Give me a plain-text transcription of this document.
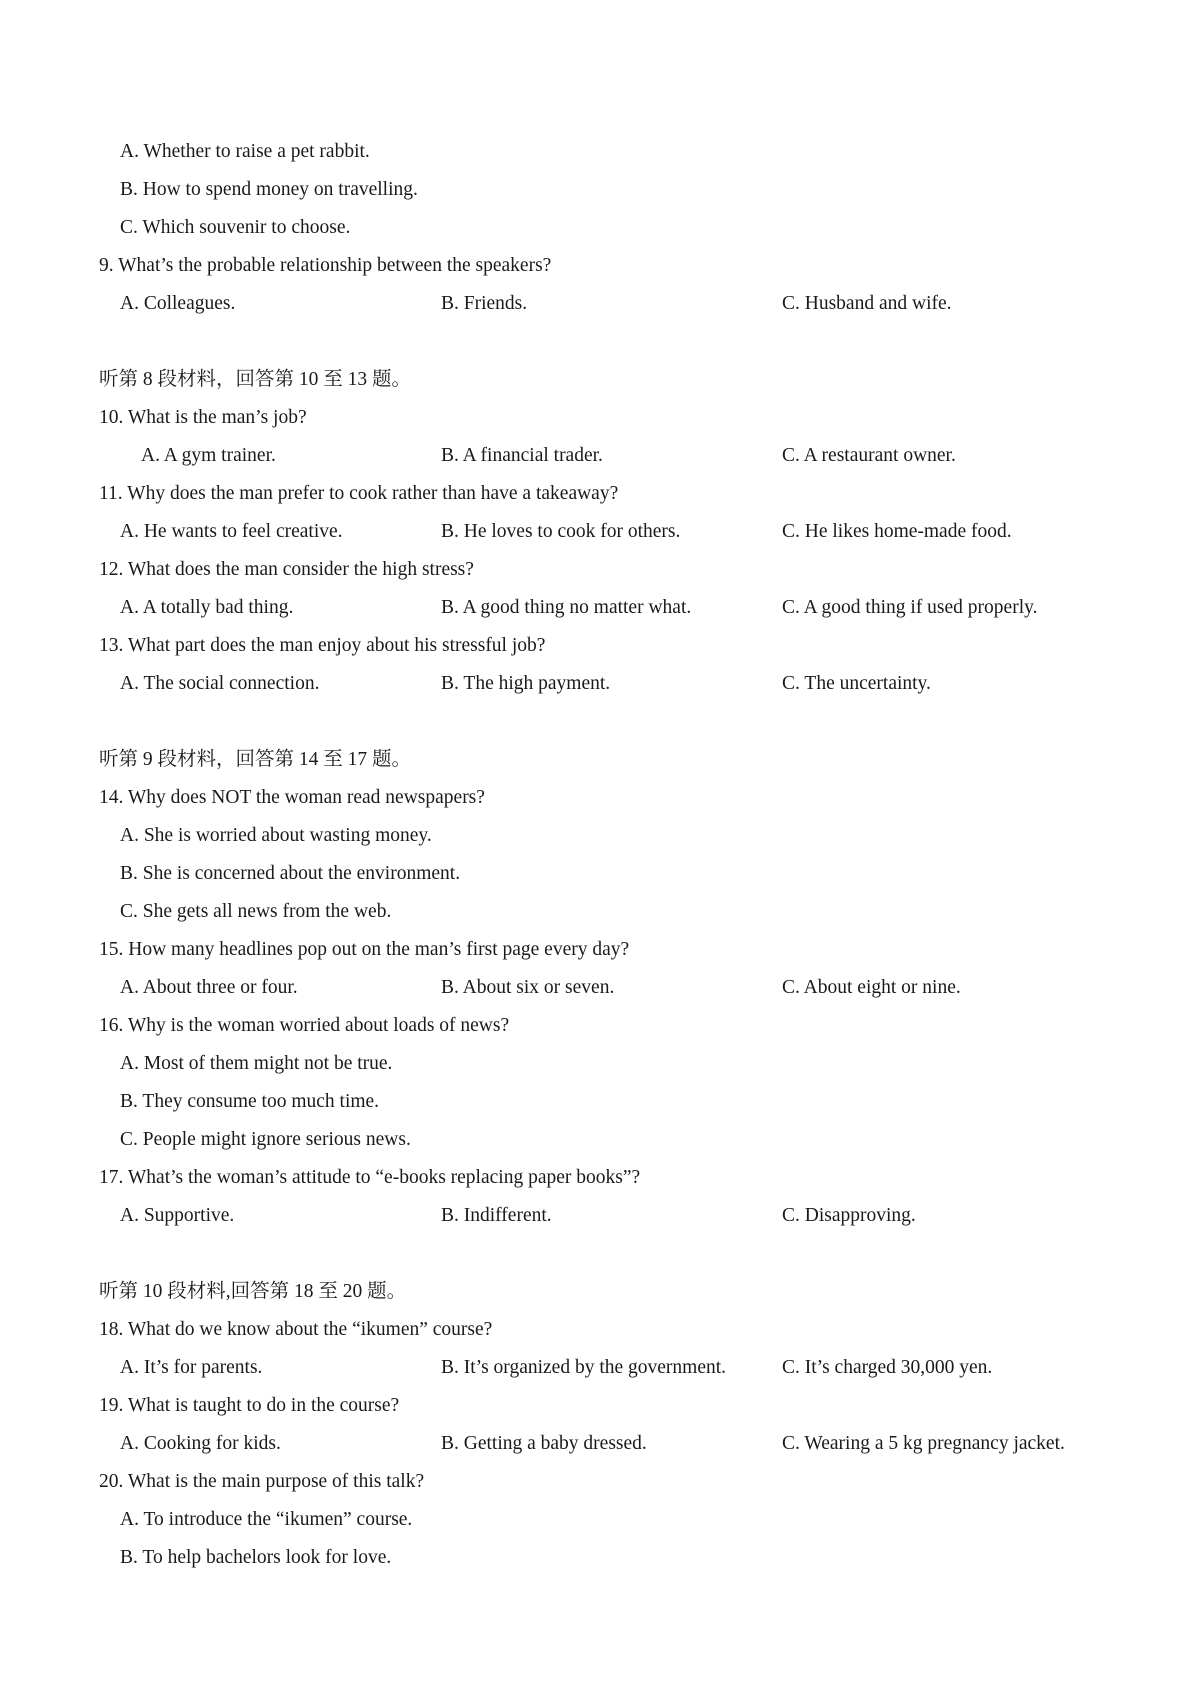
A. Whether to raise a pet rabbit.
B. How to spend money on travelling.
C. Which souvenir to choose.
9. What’s the probable relationship between the speakers?
A. Colleagues.	B. Friends.	C. Husband and wife.
听第 8 段材料，回答第 10 至 13 题。
10. What is the man’s job?
A. A gym trainer.	B. A financial trader.	C. A restaurant owner.
11. Why does the man prefer to cook rather than have a takeaway?
A. He wants to feel creative.	B. He loves to cook for others.	C. He likes home-made food.
12. What does the man consider the high stress?
A. A totally bad thing.	B. A good thing no matter what.	C. A good thing if used properly.
13. What part does the man enjoy about his stressful job?
A. The social connection.	B. The high payment.	C. The uncertainty.
听第 9 段材料，回答第 14 至 17 题。
14. Why does NOT the woman read newspapers?
A. She is worried about wasting money.
B. She is concerned about the environment.
C. She gets all news from the web.
15. How many headlines pop out on the man’s first page every day?
A. About three or four.	B. About six or seven.	C. About eight or nine.
16. Why is the woman worried about loads of news?
A. Most of them might not be true.
B. They consume too much time.
C. People might ignore serious news.
17. What’s the woman’s attitude to “e-books replacing paper books”?
A. Supportive.	B. Indifferent.	C. Disapproving.
听第 10 段材料,回答第 18 至 20 题。
18. What do we know about the “ikumen” course?
A. It’s for parents.	B. It’s organized by the government.	C. It’s charged 30,000 yen.
19. What is taught to do in the course?
A. Cooking for kids.	B. Getting a baby dressed.	C. Wearing a 5 kg pregnancy jacket.
20. What is the main purpose of this talk?
A. To introduce the “ikumen” course.
B. To help bachelors look for love.
